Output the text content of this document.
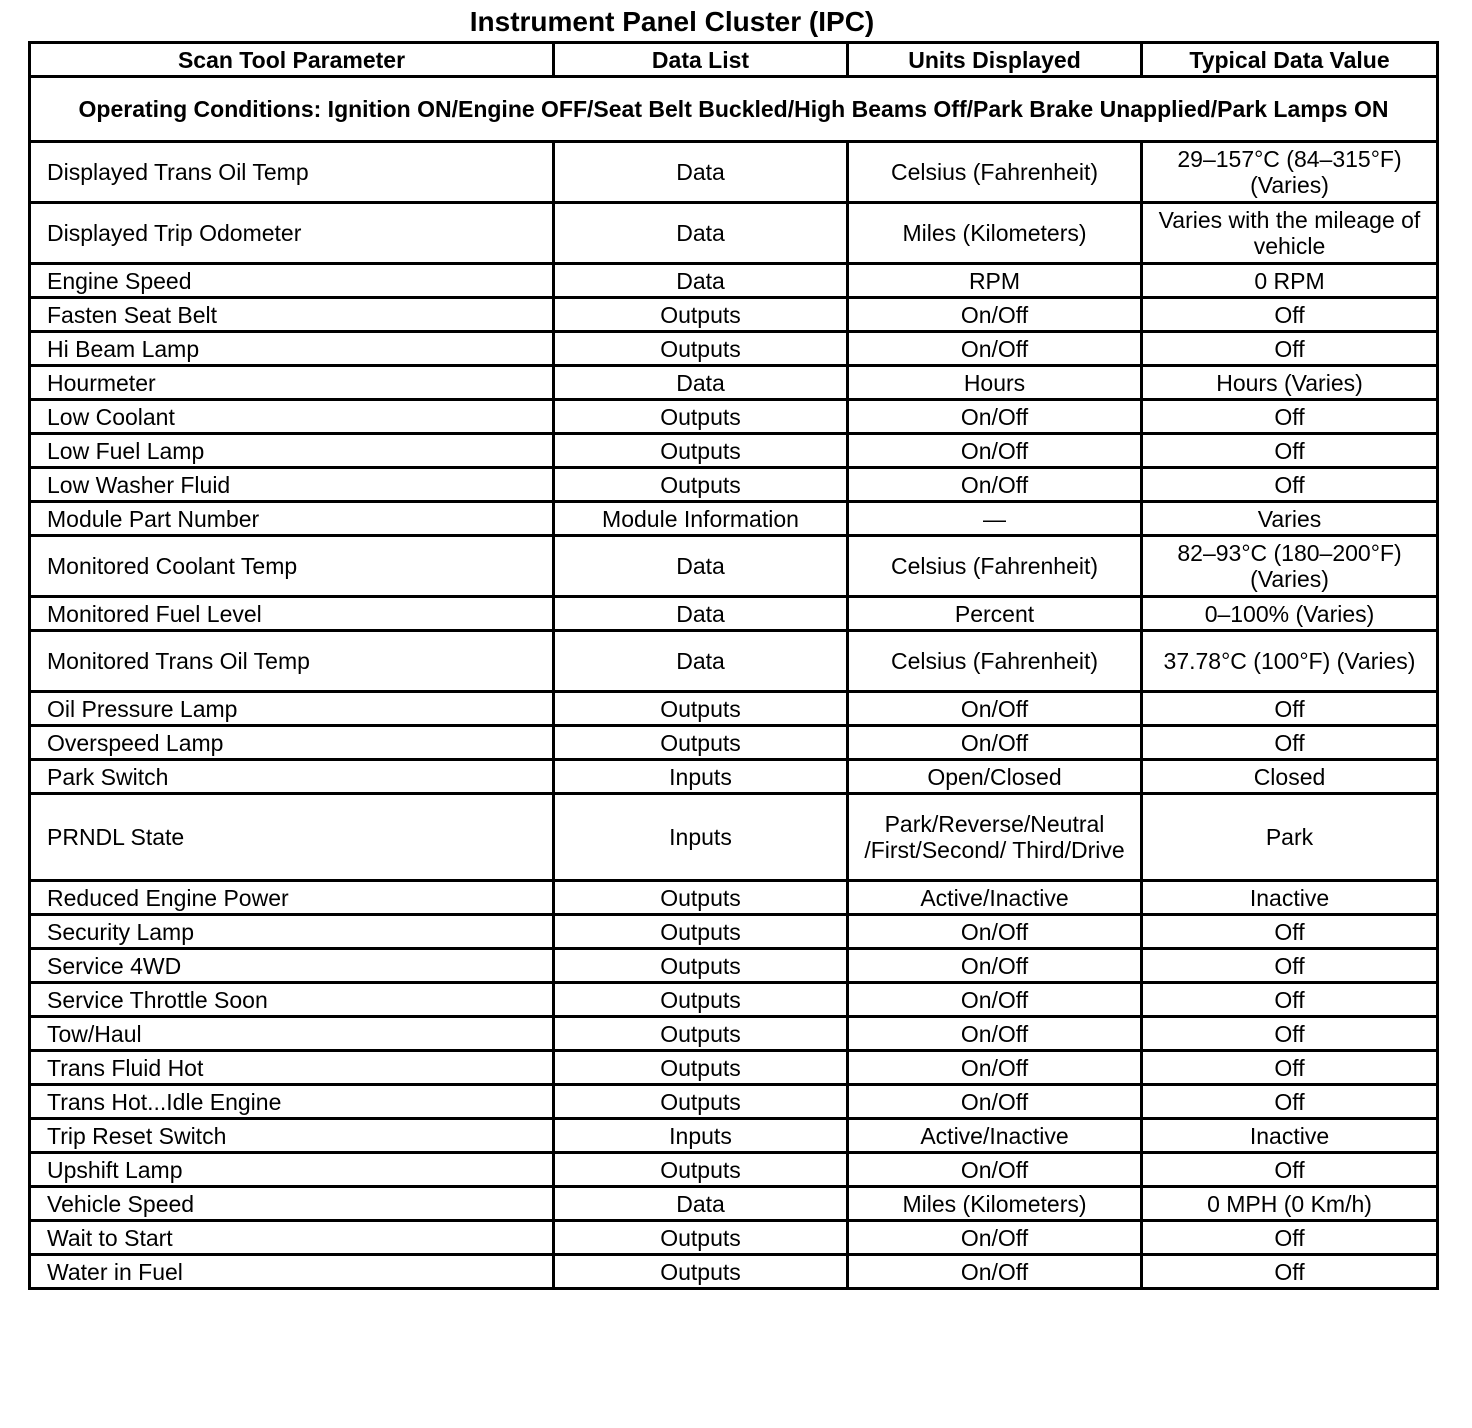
Instrument Panel Cluster (IPC)
Scan Tool Parameter	Data List	Units Displayed	Typical Data Value
Operating Conditions: Ignition ON/Engine OFF/Seat Belt Buckled/High Beams Off/Park Brake Unapplied/Park Lamps ON			
Displayed Trans Oil Temp	Data	Celsius (Fahrenheit)	29–157°C (84–315°F) (Varies)
Displayed Trip Odometer	Data	Miles (Kilometers)	Varies with the mileage of vehicle
Engine Speed	Data	RPM	0 RPM
Fasten Seat Belt	Outputs	On/Off	Off
Hi Beam Lamp	Outputs	On/Off	Off
Hourmeter	Data	Hours	Hours (Varies)
Low Coolant	Outputs	On/Off	Off
Low Fuel Lamp	Outputs	On/Off	Off
Low Washer Fluid	Outputs	On/Off	Off
Module Part Number	Module Information	—	Varies
Monitored Coolant Temp	Data	Celsius (Fahrenheit)	82–93°C (180–200°F) (Varies)
Monitored Fuel Level	Data	Percent	0–100% (Varies)
Monitored Trans Oil Temp	Data	Celsius (Fahrenheit)	37.78°C (100°F) (Varies)
Oil Pressure Lamp	Outputs	On/Off	Off
Overspeed Lamp	Outputs	On/Off	Off
Park Switch	Inputs	Open/Closed	Closed
PRNDL State	Inputs	Park/Reverse/Neutral /First/Second/ Third/Drive	Park
Reduced Engine Power	Outputs	Active/Inactive	Inactive
Security Lamp	Outputs	On/Off	Off
Service 4WD	Outputs	On/Off	Off
Service Throttle Soon	Outputs	On/Off	Off
Tow/Haul	Outputs	On/Off	Off
Trans Fluid Hot	Outputs	On/Off	Off
Trans Hot...Idle Engine	Outputs	On/Off	Off
Trip Reset Switch	Inputs	Active/Inactive	Inactive
Upshift Lamp	Outputs	On/Off	Off
Vehicle Speed	Data	Miles (Kilometers)	0 MPH (0 Km/h)
Wait to Start	Outputs	On/Off	Off
Water in Fuel	Outputs	On/Off	Off
